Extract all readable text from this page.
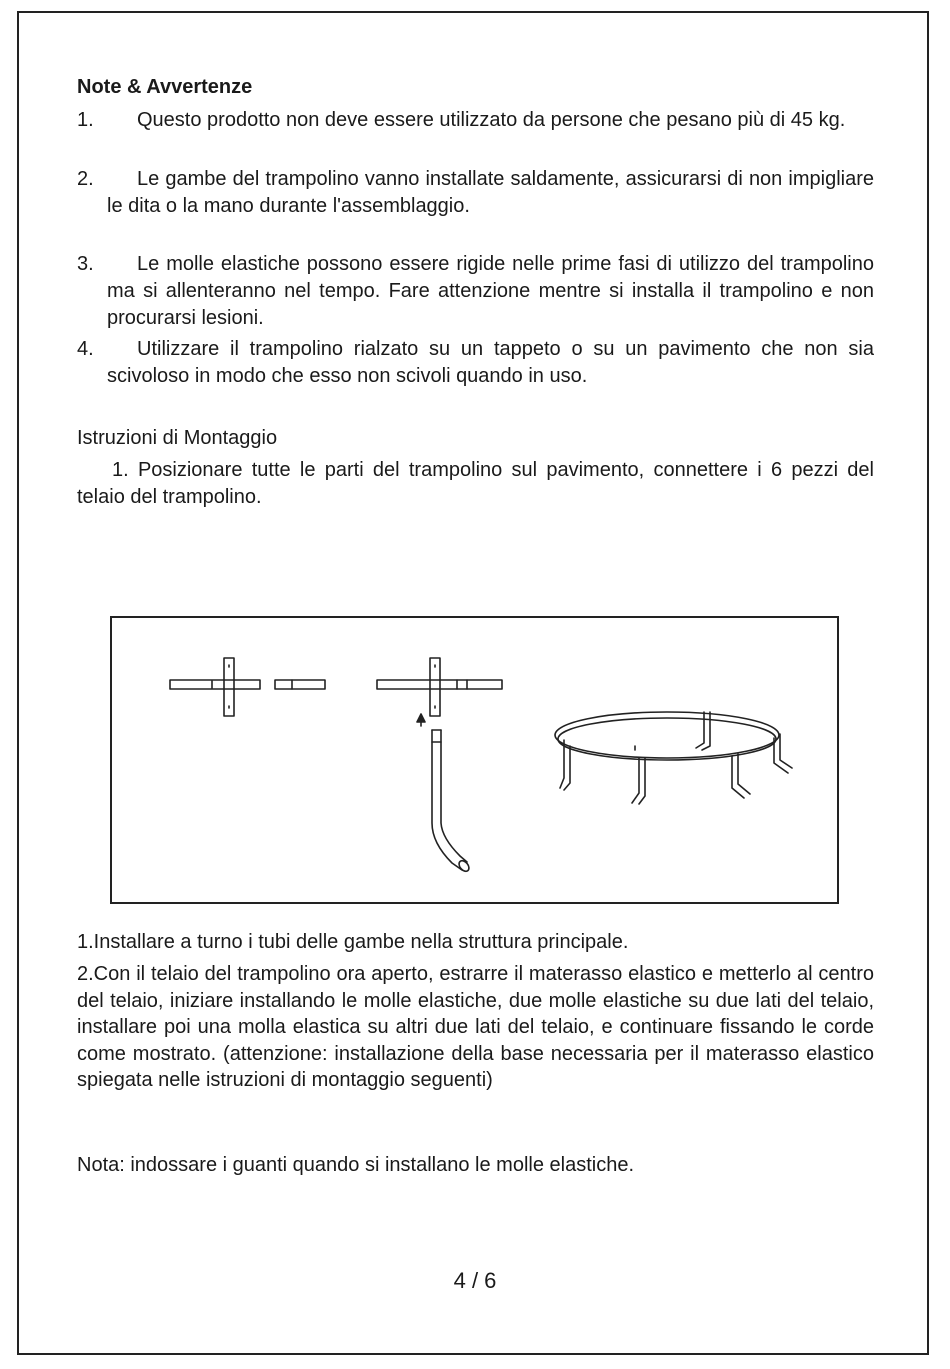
Note & Avvertenze
1.	Questo prodotto non deve essere utilizzato da persone che pesano più di 45 kg.
2.	Le gambe del trampolino vanno installate saldamente, assicurarsi di non impigliare le dita o la mano durante l'assemblaggio.
3.	Le molle elastiche possono essere rigide nelle prime fasi di utilizzo del trampolino ma si allenteranno nel tempo. Fare attenzione mentre si installa il trampolino e non procurarsi lesioni.
4.	Utilizzare il trampolino rialzato su un tappeto o su un pavimento che non sia scivoloso in modo che esso non scivoli quando in uso.
Istruzioni di Montaggio
1. Posizionare tutte le parti del trampolino sul pavimento, connettere i 6 pezzi del telaio del trampolino.
1.Installare a turno i tubi delle gambe nella struttura principale.
2.Con il telaio del trampolino ora aperto, estrarre il materasso elastico e metterlo al centro del telaio, iniziare installando le molle elastiche, due molle elastiche su due lati del telaio, installare poi una molla elastica su altri due lati del telaio, e continuare fissando le corde come mostrato. (attenzione: installazione della base necessaria per il materasso elastico spiegata nelle istruzioni di montaggio seguenti)
Nota: indossare i guanti quando si installano le molle elastiche.
4 / 6
